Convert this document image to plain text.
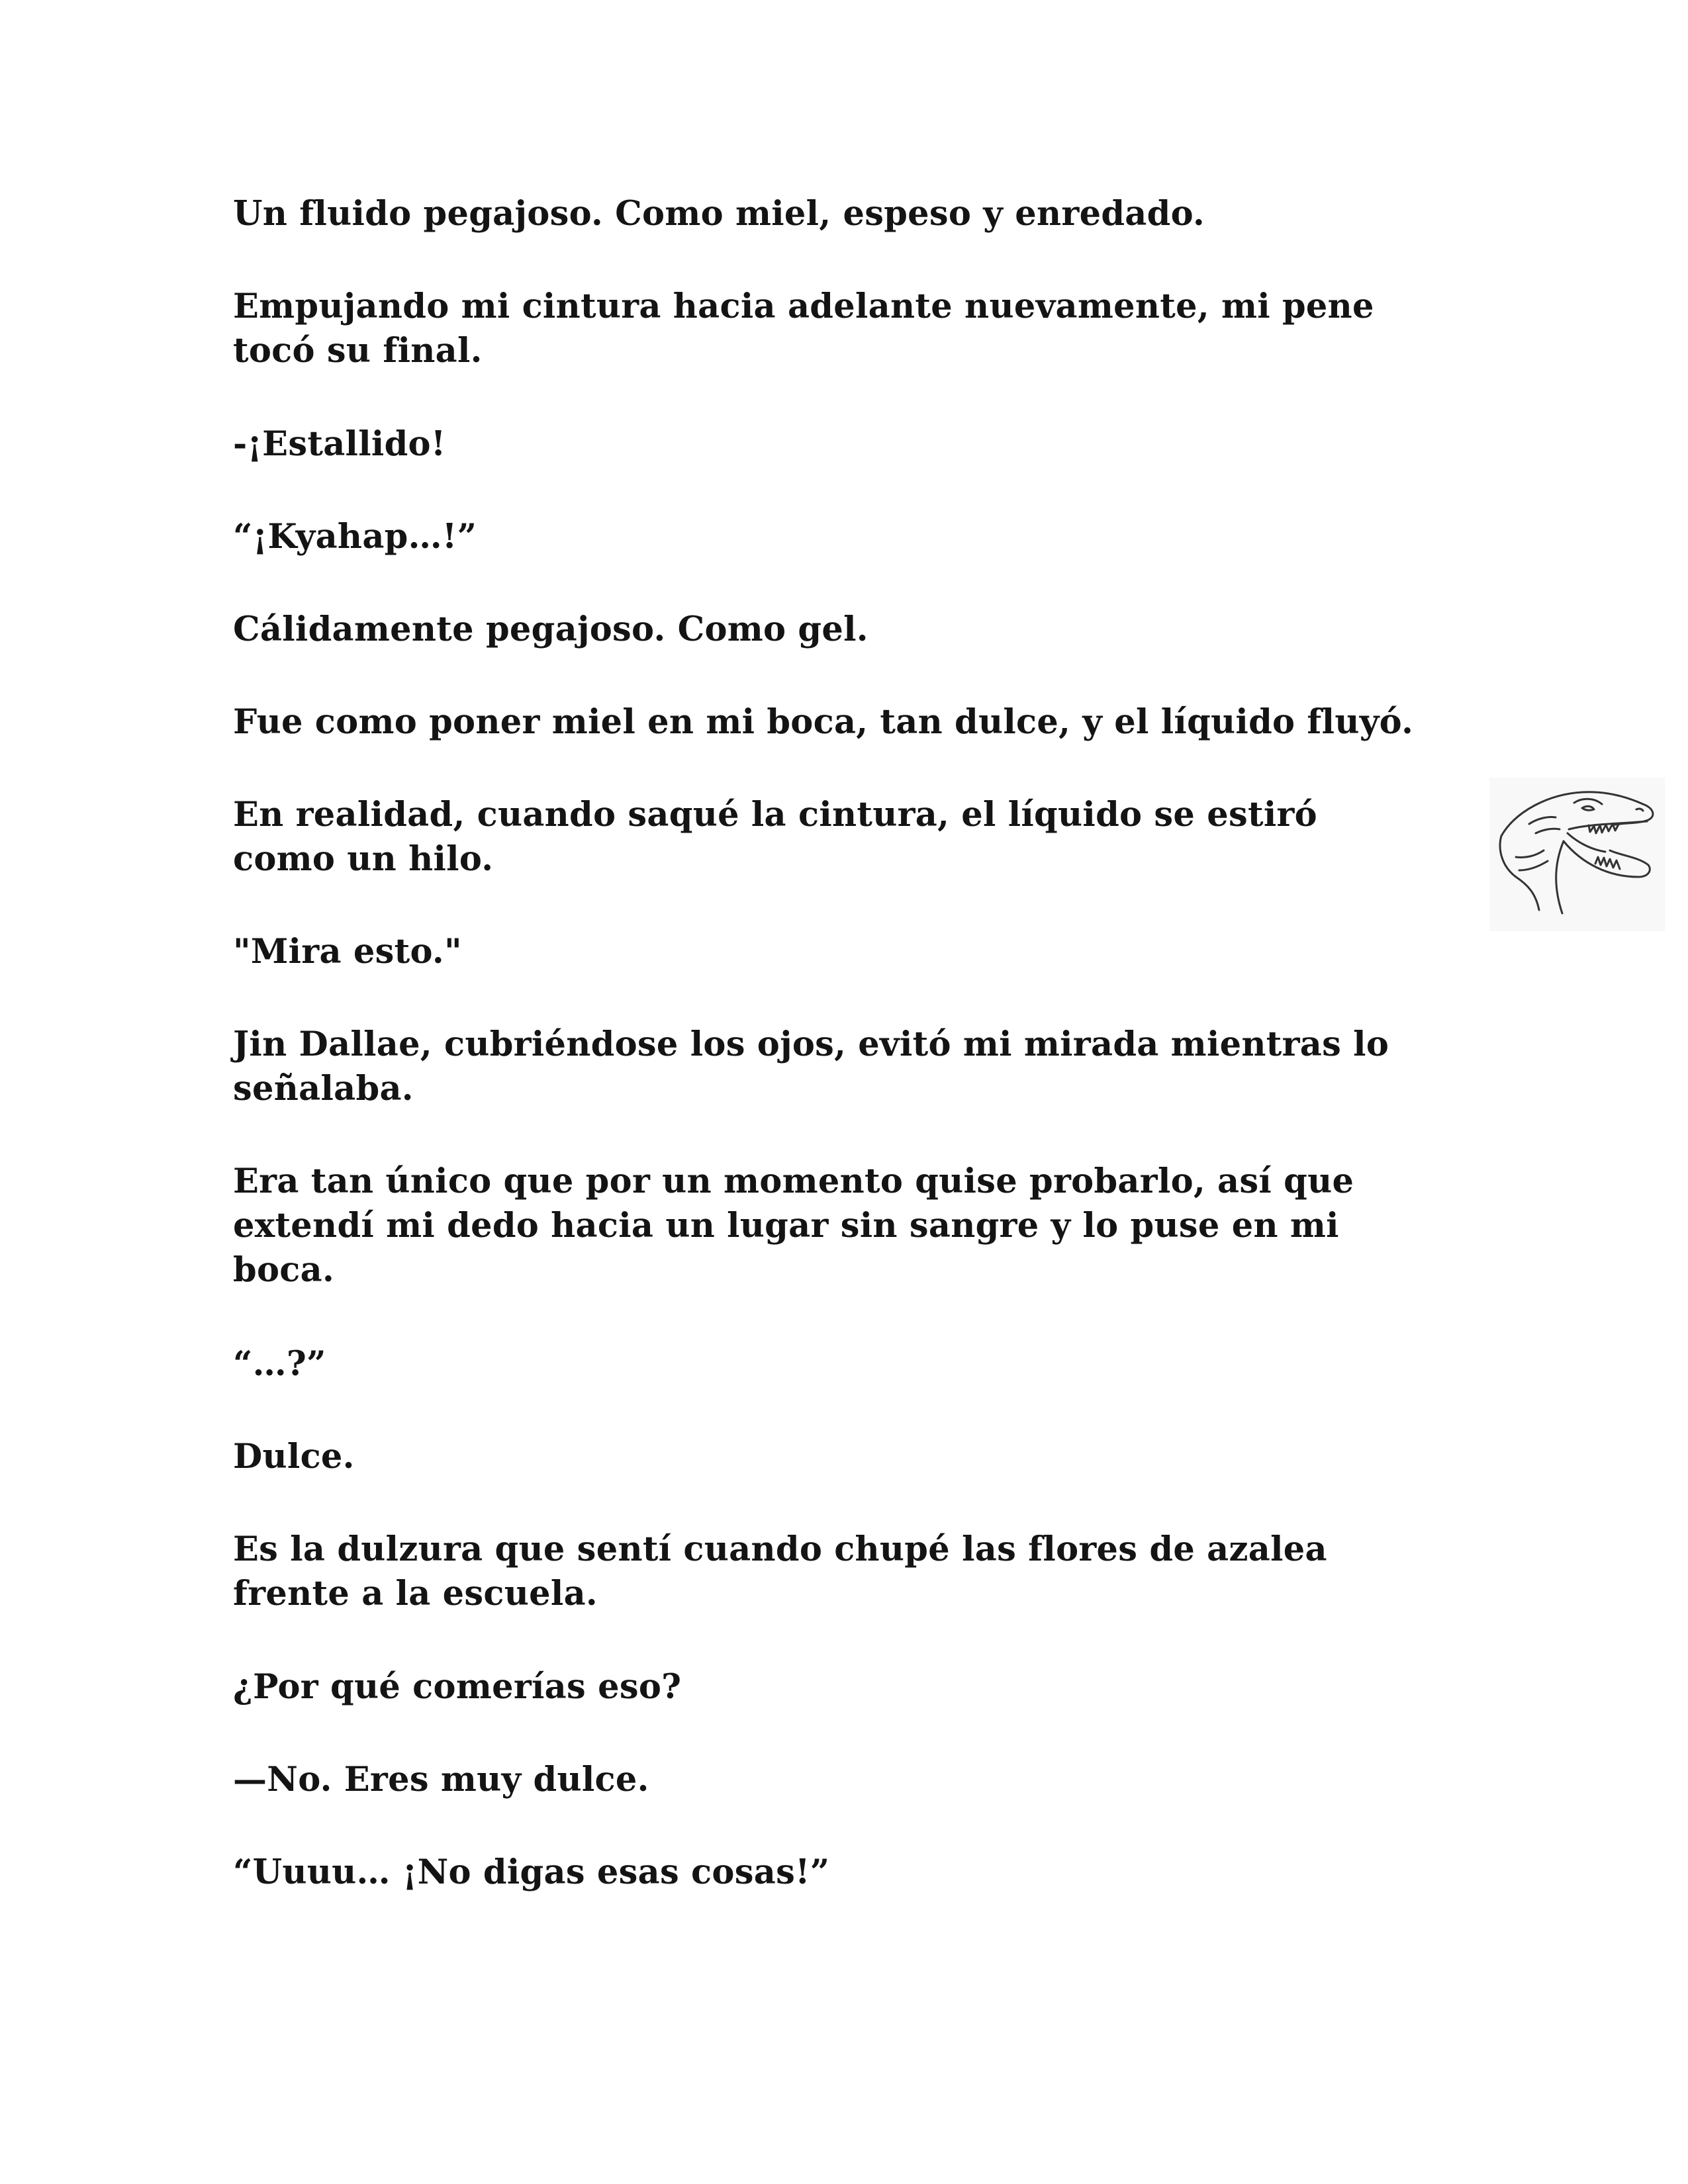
Un fluido pegajoso. Como miel, espeso y enredado.

Empujando mi cintura hacia adelante nuevamente, mi pene
tocó su final.

-¡Estallido!

“¡Kyahap…!”

Cálidamente pegajoso. Como gel.

Fue como poner miel en mi boca, tan dulce, y el líquido fluyó.

En realidad, cuando saqué la cintura, el líquido se estiró
como un hilo.

"Mira esto."

Jin Dallae, cubriéndose los ojos, evitó mi mirada mientras lo
señalaba.

Era tan único que por un momento quise probarlo, así que
extendí mi dedo hacia un lugar sin sangre y lo puse en mi
boca.

“…?”

Dulce.

Es la dulzura que sentí cuando chupé las flores de azalea
frente a la escuela.

¿Por qué comerías eso?

—No. Eres muy dulce.

“Uuuu… ¡No digas esas cosas!”
